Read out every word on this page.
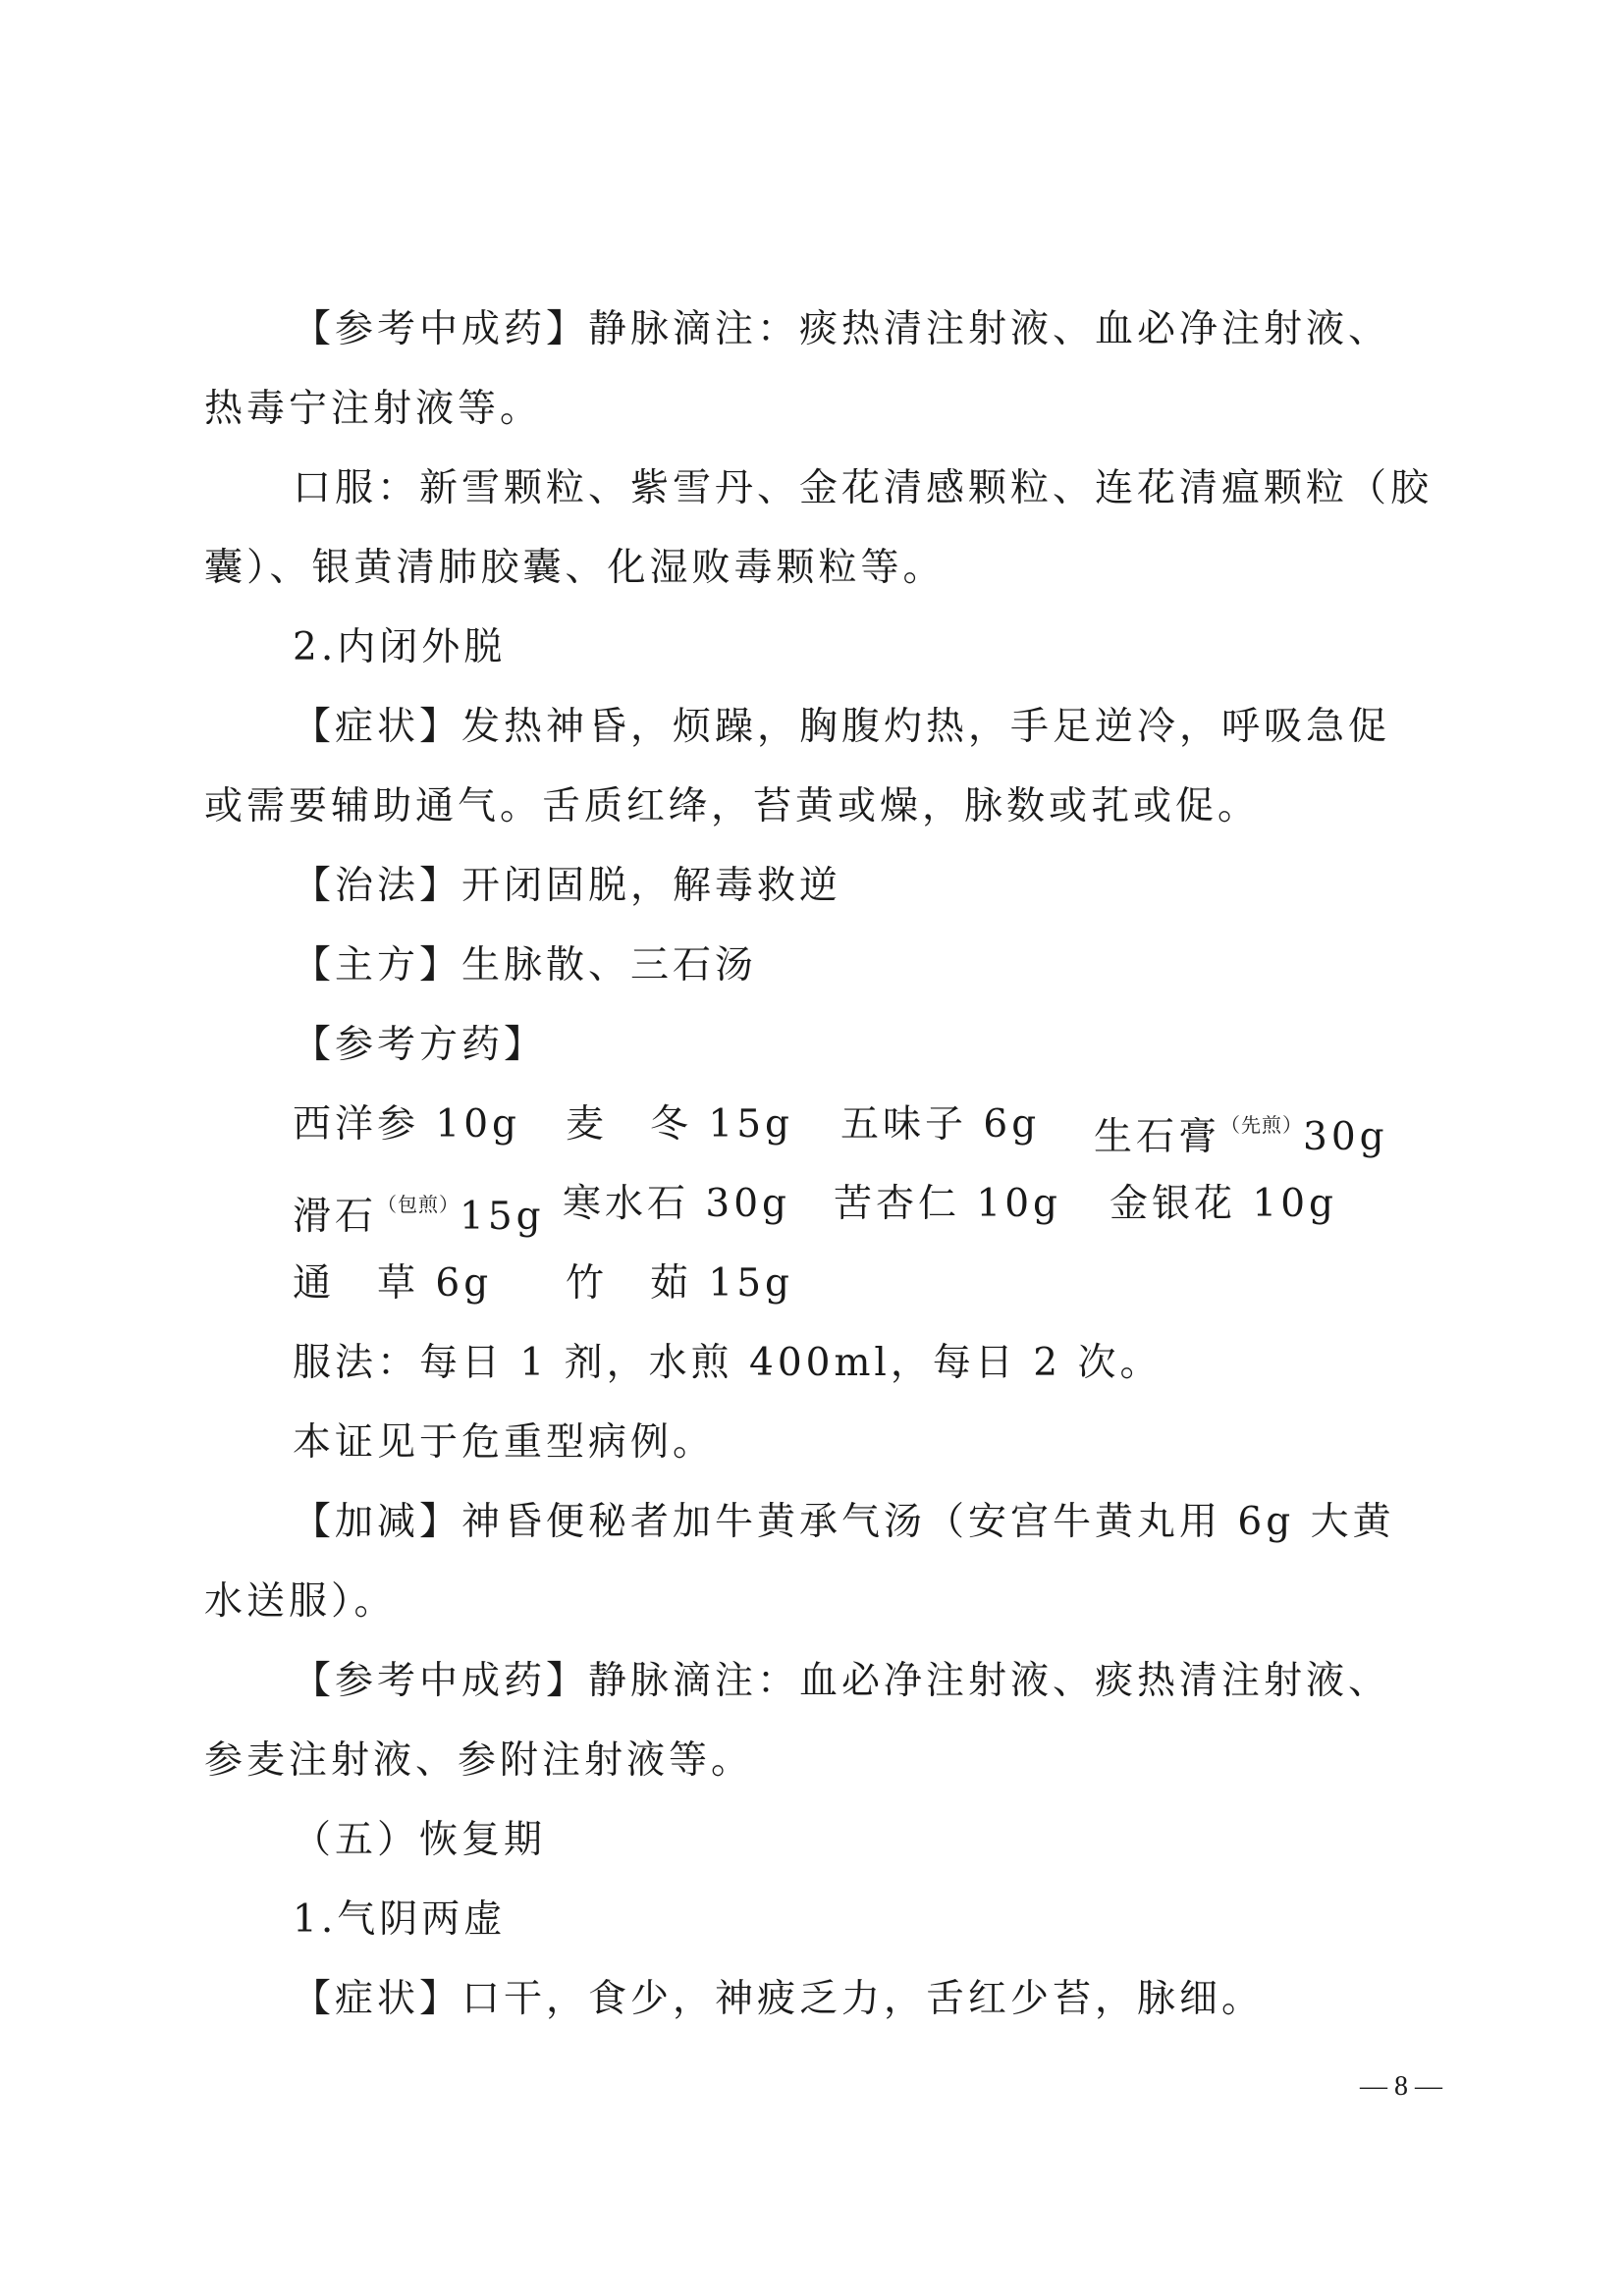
【参考中成药】静脉滴注：痰热清注射液、血必净注射液、
热毒宁注射液等。
口服：新雪颗粒、紫雪丹、金花清感颗粒、连花清瘟颗粒（胶
囊）、银黄清肺胶囊、化湿败毒颗粒等。
2.内闭外脱
【症状】发热神昏，烦躁，胸腹灼热，手足逆冷，呼吸急促
或需要辅助通气。舌质红绛，苔黄或燥，脉数或芤或促。
【治法】开闭固脱，解毒救逆
【主方】生脉散、三石汤
【参考方药】
西洋参 10g 麦　冬 15g 五味子 6g 生石膏$^{(先煎)}$30g
滑石$^{(包煎)}$15g 寒水石 30g 苦杏仁 10g 金银花 10g
通　草 6g 竹　茹 15g
服法：每日 1 剂，水煎 400ml，每日 2 次。
本证见于危重型病例。
【加减】神昏便秘者加牛黄承气汤（安宫牛黄丸用 6g 大黄
水送服）。
【参考中成药】静脉滴注：血必净注射液、痰热清注射液、
参麦注射液、参附注射液等。
（五）恢复期
1.气阴两虚
【症状】口干，食少，神疲乏力，舌红少苔，脉细。
— 8 —
